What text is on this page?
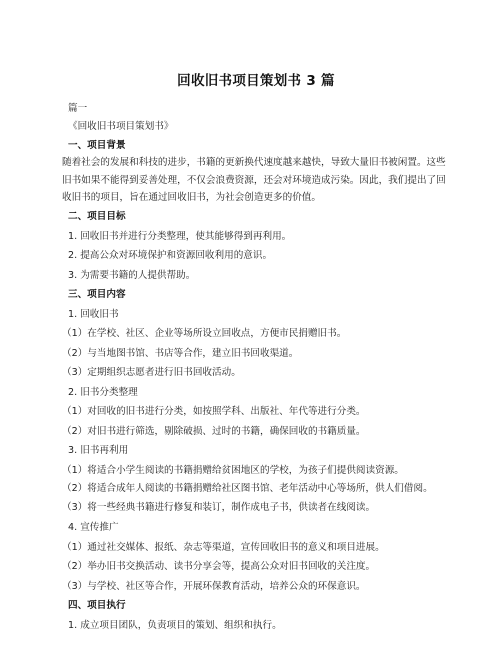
回收旧书项目策划书 3 篇
篇一
《回收旧书项目策划书》
一、项目背景
随着社会的发展和科技的进步，书籍的更新换代速度越来越快，导致大量旧书被闲置。这些旧书如果不能得到妥善处理，不仅会浪费资源，还会对环境造成污染。因此，我们提出了回收旧书的项目，旨在通过回收旧书，为社会创造更多的价值。
二、项目目标
1. 回收旧书并进行分类整理，使其能够得到再利用。
2. 提高公众对环境保护和资源回收利用的意识。
3. 为需要书籍的人提供帮助。
三、项目内容
1. 回收旧书
（1）在学校、社区、企业等场所设立回收点，方便市民捐赠旧书。
（2）与当地图书馆、书店等合作，建立旧书回收渠道。
（3）定期组织志愿者进行旧书回收活动。
2. 旧书分类整理
（1）对回收的旧书进行分类，如按照学科、出版社、年代等进行分类。
（2）对旧书进行筛选，剔除破损、过时的书籍，确保回收的书籍质量。
3. 旧书再利用
（1）将适合小学生阅读的书籍捐赠给贫困地区的学校，为孩子们提供阅读资源。
（2）将适合成年人阅读的书籍捐赠给社区图书馆、老年活动中心等场所，供人们借阅。
（3）将一些经典书籍进行修复和装订，制作成电子书，供读者在线阅读。
4. 宣传推广
（1）通过社交媒体、报纸、杂志等渠道，宣传回收旧书的意义和项目进展。
（2）举办旧书交换活动、读书分享会等，提高公众对旧书回收的关注度。
（3）与学校、社区等合作，开展环保教育活动，培养公众的环保意识。
四、项目执行
1. 成立项目团队，负责项目的策划、组织和执行。
